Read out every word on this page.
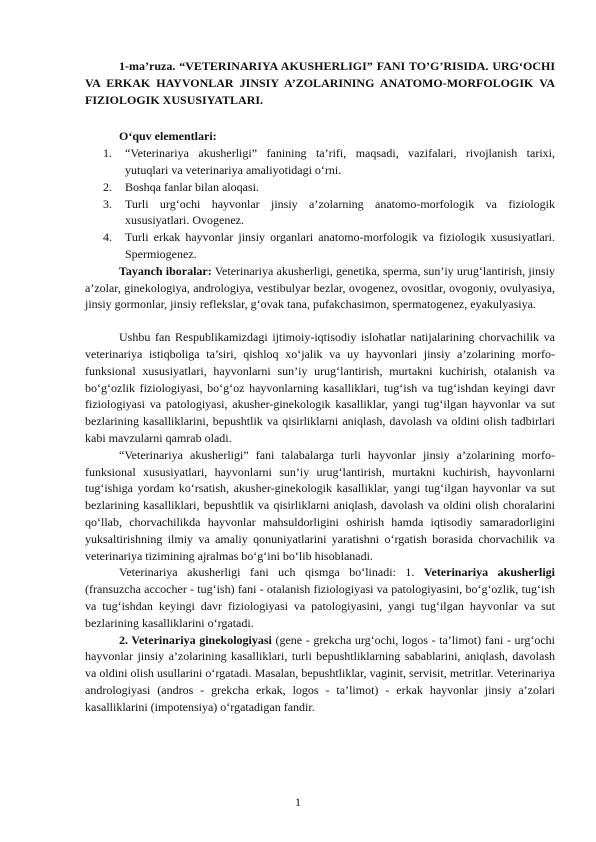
1-ma’ruza. “VETERINARIYA AKUSHERLIGI” FANI TO’G’RISIDA. URG‘OCHI VA ERKAK HAYVONLAR JINSIY A’ZOLARINING ANATOMO-MORFOLOGIK VA FIZIOLOGIK XUSUSIYATLARI.

O‘quv elementlari:
1. “Veterinariya akusherligi” fanining ta’rifi, maqsadi, vazifalari, rivojlanish tarixi, yutuqlari va veterinariya amaliyotidagi o‘rni.
2. Boshqa fanlar bilan aloqasi.
3. Turli urg‘ochi hayvonlar jinsiy a’zolarning anatomo-morfologik va fiziologik xususiyatlari. Ovogenez.
4. Turli erkak hayvonlar jinsiy organlari anatomo-morfologik va fiziologik xususiyatlari. Spermiogenez.

Tayanch iboralar: Veterinariya akusherligi, genetika, sperma, sun’iy urug‘lantirish, jinsiy a’zolar, ginekologiya, andrologiya, vestibulyar bezlar, ovogenez, ovositlar, ovogoniy, ovulyasiya, jinsiy gormonlar, jinsiy reflekslar, g‘ovak tana, pufakchasimon, spermatogenez, eyakulyasiya.

Ushbu fan Respublikamizdagi ijtimoiy-iqtisodiy islohatlar natijalarining chorvachilik va veterinariya istiqboliga ta’siri, qishloq xo‘jalik va uy hayvonlari jinsiy a’zolarining morfo-funksional xususiyatlari, hayvonlarni sun’iy urug‘lantirish, murtakni kuchirish, otalanish va bo‘g‘ozlik fiziologiyasi, bo‘g‘oz hayvonlarning kasalliklari, tug‘ish va tug‘ishdan keyingi davr fiziologiyasi va patologiyasi, akusher-ginekologik kasalliklar, yangi tug‘ilgan hayvonlar va sut bezlarining kasalliklarini, bepushtlik va qisirliklarni aniqlash, davolash va oldini olish tadbirlari kabi mavzularni qamrab oladi.

“Veterinariya akusherligi” fani talabalarga turli hayvonlar jinsiy a’zolarining morfo-funksional xususiyatlari, hayvonlarni sun’iy urug‘lantirish, murtakni kuchirish, hayvonlarni tug‘ishiga yordam ko‘rsatish, akusher-ginekologik kasalliklar, yangi tug‘ilgan hayvonlar va sut bezlarining kasalliklari, bepushtlik va qisirliklarni aniqlash, davolash va oldini olish choralarini qo‘llab, chorvachilikda hayvonlar mahsuldorligini oshirish hamda iqtisodiy samaradorligini yuksaltirishning ilmiy va amaliy qonuniyatlarini yaratishni o‘rgatish borasida chorvachilik va veterinariya tizimining ajralmas bo‘g‘ini bo‘lib hisoblanadi.

Veterinariya akusherligi fani uch qismga bo‘linadi: 1. Veterinariya akusherligi (fransuzcha accocher - tug‘ish) fani - otalanish fiziologiyasi va patologiyasini, bo‘g‘ozlik, tug‘ish va tug‘ishdan keyingi davr fiziologiyasi va patologiyasini, yangi tug‘ilgan hayvonlar va sut bezlarining kasalliklarini o‘rgatadi.

2. Veterinariya ginekologiyasi (gene - grekcha urg‘ochi, logos - ta’limot) fani - urg‘ochi hayvonlar jinsiy a’zolarining kasalliklari, turli bepushtliklarning sabablarini, aniqlash, davolash va oldini olish usullarini o‘rgatadi. Masalan, bepushtliklar, vaginit, servisit, metritlar. Veterinariya andrologiyasi (andros - grekcha erkak, logos - ta’limot) - erkak hayvonlar jinsiy a’zolari kasalliklarini (impotensiya) o‘rgatadigan fandir.

1
